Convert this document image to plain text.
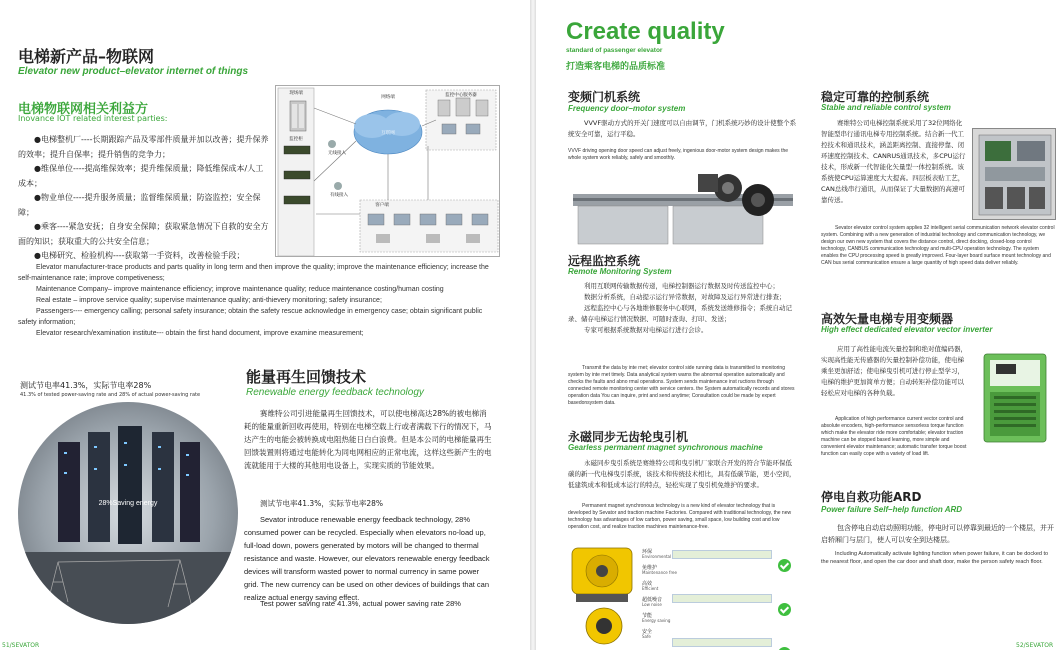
电梯新产品–物联网
Elevator new product–elevator internet of things
电梯物联网相关利益方
Inovance IOT related interest parties:
●电梯整机厂----长期跟踪产品及零部件质量并加以改善；提升保养的效率；提升自保率；提升销售的竞争力；
●维保单位----提高维保效率；提升维保质量；降低维保成本/人工成本；
●物业单位----提升服务质量；监督维保质量；防盗监控；安全保障；
●乘客----紧急安抚；自身安全保障；获取紧急情况下自救的安全方面的知识；获取重大的公共安全信息；
●电梯研究、检验机构----获取第一手资料，改善检验手段；
现场端
监控柜
网络端
互联网
监控中心服务器
客户端
无线接入
有线接入
Elevator manufacturer-trace products and parts quality in long term and then improve the quality; improve the maintenance efficiency; increase the self-maintenance rate; improve competiveness;
Maintenance Company– improve maintenance efficiency; improve maintenance quality; reduce maintenance costing/human costing
Real estate – improve service quality; supervise maintenance quality; anti-thievery monitoring; safety insurance;
Passengers---- emergency calling; personal safety insurance; obtain the safety rescue acknowledge in emergency case; obtain significant public safety information;
Elevator research/examination institute--- obtain the first hand document, improve examine measurement;
测试节电率41.3%，实际节电率28%
41.3% of tested power-saving rate and 28% of actual power-saving rate
28%Saving energy
能量再生回馈技术
Renewable energy feedback technology
赛维特公司引进能量再生回馈技术，可以使电梯高达28%的被电梯消耗的能量重新回收再使用，特别在电梯空载上行或者满载下行的情况下，马达产生的电能会被转换成电阻热能日白白浪费。但是本公司的电梯能量再生回馈装置则将通过电能转化为同电网相应的正常电流，这样这些新产生的电流就能用于大楼的其他用电设备上，实现实质的节能效果。
测试节电率41.3%，实际节电率28%
Sevator introduce renewable energy feedback technology, 28% consumed power can be recycled. Especially when elevators no-load up, full-load down, powers generated by motors will be changed to thermal resistance and waste. However, our elevators renewable energy feedback devices will transform wasted power to normal currency in same power grid. The new currency can be used on other devices of buildings that can realize actual energy saving effect.
Test power saving rate 41.3%, actual power saving rate 28%
51/SEVATOR
Create quality
standard of passenger elevator
打造乘客电梯的品质标准
变频门机系统
Frequency door–motor system
VVVF驱动方式的开关门速度可以自由调节，门机系统巧妙的设计使整个系统安全可靠，运行平稳。
VVVF driving opening door speed can adjust freely, ingenious door-motor system design makes the whole system work reliably, safely and smoothly.
远程监控系统
Remote Monitoring System
利用互联网传输数据传递，电梯控制器运行数据及时传送监控中心；
数据分析系统，自动提示运行异常数据，对故障及运行异常进行排查；
远程监控中心与各地维修服务中心联网，系统发送维修指令；系统自动记录、储存电梯运行情况数据、可随时查询、打印、发送；
专家可根据系统数据对电梯运行进行会诊。
Transmit the data by inte rnet; elevator control side running data is transmitted to monitoring system by inte rnet timely. Data analytical system warns the abnormal operation automatically and checks the faults and abno rmal operations. System sends maintenance inst ructions through connected remote monitoring center with service centers. the System automatically records and stores operation data You can inquire, print and send anytime; Consultation could be made by expert basedonsystem data.
永磁同步无齿轮曳引机
Gearless permanent magnet synchronous machine
永磁同步曳引系统是赛维特公司和曳引机厂家联合开发的符合节能环保低碳的新一代电梯曳引系统，该技术和传统技术相比，具有低碳节能，更小空间，低建筑成本和低成本运行的特点，轻松实现了曳引机免维护的要求。
Permanent magnet synchronous technology is a new kind of elevator technology that is developed by Sevator and traction machine Factories. Compared with traditional technology, the new technology has advantages of low carbon, power saving, small space, low building cost and low operation cost, and realize traction machines maintenance-free.
环保
Environmental
免维护
Maintenance free
高效
Efficient
超低噪音
Low noise
节能
Energy saving
安全
Safe
稳定可靠的控制系统
Stable and reliable control system
赛维特公司电梯控制系统采用了32位网络化智能型串行通讯电梯专用控制系统。结合新一代工控技术和通讯技术，涵盖距离控制、直接停靠、闭环速度控制技术、CANRUS通讯技术，多CPU运行技术，形成新一代智能化矢量型一体控制系统。该系统使CPU运算速度大大提高。四层板表贴工艺，CAN总线串行通讯，从而保证了大量数据的高速可靠传送。
Sevator elevator control system applies 32 intelligent serial communication network elevator control system. Combining with a new generation of industrial technology and communication technology, we design our own new system that covers the distance control, direct docking, closed-loop control technology, CANBUS communication technology and multi-CPU operation technology. The system enables the CPU processing speed is greatly improved. Four-layer board surface mount technology and CAN bus serial communication ensure a large quantity of high speed data deliver reliably.
高效矢量电梯专用变频器
High effect dedicated elevator vector inverter
应用了高性能电流矢量控制和绝对值编码器，实现高性能无传感器的矢量控制补偿功能，使电梯乘坐更加舒适；使电梯曳引机可进行停止型学习，电梯的维护更加简单方便；自动转矩补偿功能可以轻松应对电梯的各种负载。
Application of high performance current vector control and absolute encoders, high-performance sensorless torque function which make the elevator ride more comfortable; elevator traction machine can be stopped based learning, more simple and convenient elevator maintenance; automatic transfer torque boost function can easily cope with a variety of load lift.
停电自救功能ARD
Power failure Self–help function ARD
包含停电自动启动照明功能，停电时可以停靠到最近的一个楼层，并开启轿厢门与层门，使人可以安全到达楼层。
Including Automatically activate lighting function when power failure, it can be docked to the nearest floor, and open the car door and shaft door, make the person safety reach floor.
52/SEVATOR
